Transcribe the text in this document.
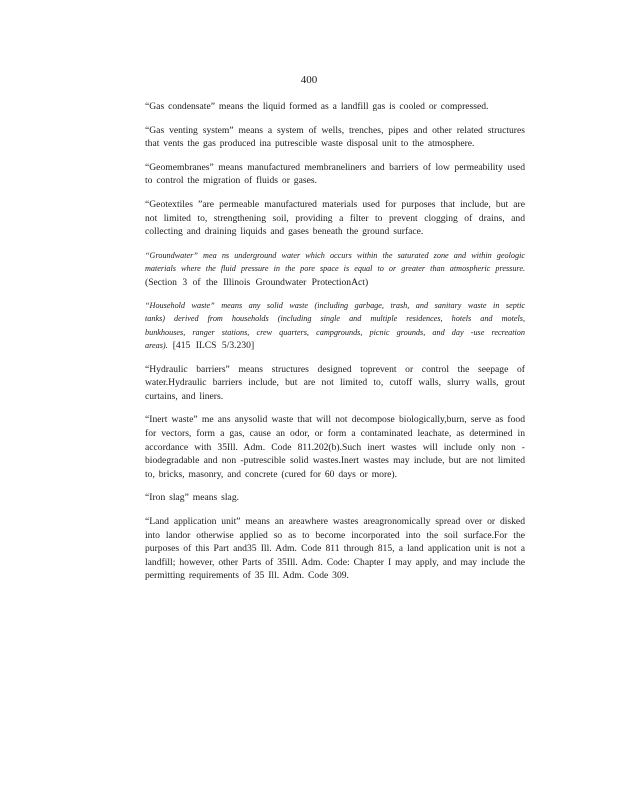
400

“Gas condensate” means the liquid formed as a landfill gas is cooled or compressed.

“Gas venting system” means a system of wells, trenches, pipes and other related structures that vents the gas produced ina putrescible waste disposal unit to the atmosphere.

“Geomembranes” means manufactured membraneliners and barriers of low permeability used to control the migration of fluids or gases.

“Geotextiles ”are permeable manufactured materials used for purposes that include, but are not limited to, strengthening soil, providing a filter to prevent clogging of drains, and collecting and draining liquids and gases beneath the ground surface.

“Groundwater” mea ns underground water which occurs within the saturated zone and within geologic materials where the fluid pressure in the pore space is equal to or greater than atmospheric pressure. (Section 3 of the Illinois Groundwater ProtectionAct)

“Household waste” means any solid waste (including garbage, trash, and sanitary waste in septic tanks) derived from households (including single and multiple residences, hotels and motels, bunkhouses, ranger stations, crew quarters, campgrounds, picnic grounds, and day -use recreation areas). [415 ILCS 5/3.230]

“Hydraulic barriers” means structures designed toprevent or control the seepage of water.Hydraulic barriers include, but are not limited to, cutoff walls, slurry walls, grout curtains, and liners.

“Inert waste” me ans anysolid waste that will not decompose biologically,burn, serve as food for vectors, form a gas, cause an odor, or form a contaminated leachate, as determined in accordance with 35Ill. Adm. Code 811.202(b).Such inert wastes will include only non -biodegradable and non -putrescible solid wastes.Inert wastes may include, but are not limited to, bricks, masonry, and concrete (cured for 60 days or more).

“Iron slag” means slag.

“Land application unit” means an areawhere wastes areagronomically spread over or disked into landor otherwise applied so as to become incorporated into the soil surface.For the purposes of this Part and35 Ill. Adm. Code 811 through 815, a land application unit is not a landfill; however, other Parts of 35Ill. Adm. Code: Chapter I may apply, and may include the permitting requirements of 35 Ill. Adm. Code 309.
